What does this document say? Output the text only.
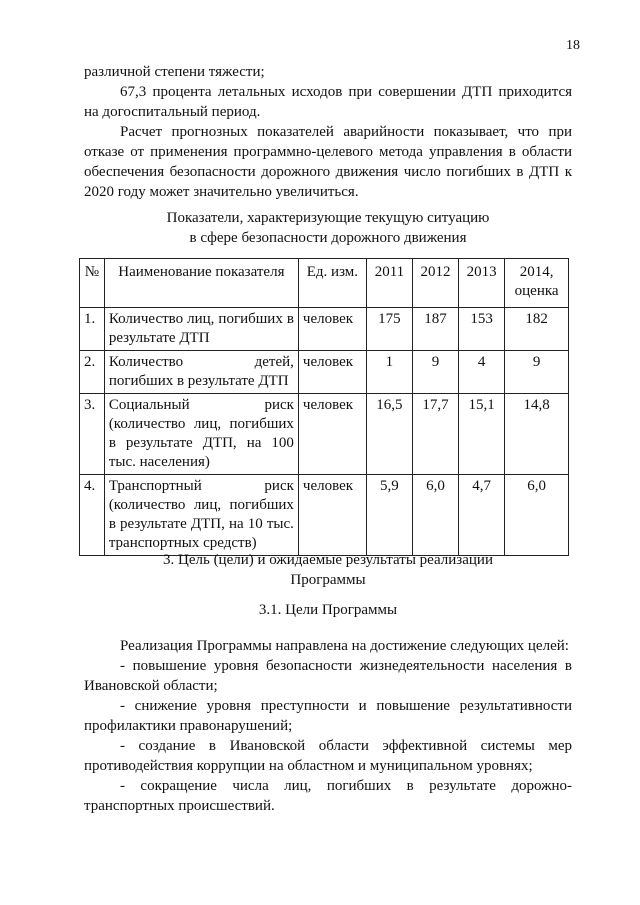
18

различной степени тяжести;

67,3 процента летальных исходов при совершении ДТП приходится на догоспитальный период.

Расчет прогнозных показателей аварийности показывает, что при отказе от применения программно-целевого метода управления в области обеспечения безопасности дорожного движения число погибших в ДТП к 2020 году может значительно увеличиться.

Показатели, характеризующие текущую ситуацию
в сфере безопасности дорожного движения
№	Наименование показателя	Ед. изм.	2011	2012	2013	2014, оценка
1.	Количество лиц, погибших в результате ДТП	человек	175	187	153	182
2.	Количество детей, погибших в результате ДТП	человек	1	9	4	9
3.	Социальный риск (количество лиц, погибших в результате ДТП, на 100 тыс. населения)	человек	16,5	17,7	15,1	14,8
4.	Транспортный риск (количество лиц, погибших в результате ДТП, на 10 тыс. транспортных средств)	человек	5,9	6,0	4,7	6,0
3. Цель (цели) и ожидаемые результаты реализации
Программы
3.1. Цели Программы

Реализация Программы направлена на достижение следующих целей:

- повышение уровня безопасности жизнедеятельности населения в Ивановской области;

- снижение уровня преступности и повышение результативности профилактики правонарушений;

- создание в Ивановской области эффективной системы мер противодействия коррупции на областном и муниципальном уровнях;

- сокращение числа лиц, погибших в результате дорожно-транспортных происшествий.
